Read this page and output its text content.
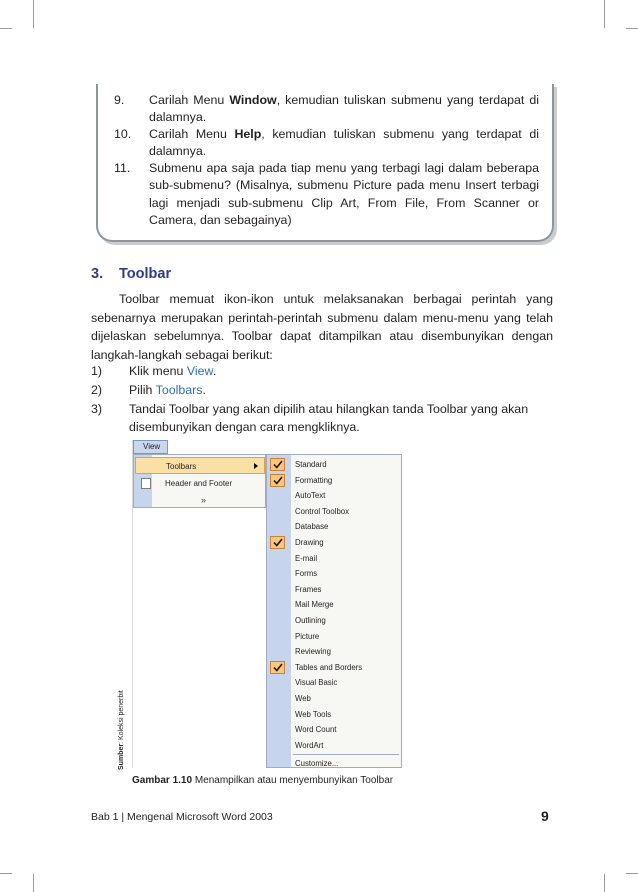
9. Carilah Menu Window, kemudian tuliskan submenu yang terdapat di dalamnya.
10. Carilah Menu Help, kemudian tuliskan submenu yang terdapat di dalamnya.
11. Submenu apa saja pada tiap menu yang terbagi lagi dalam beberapa sub-submenu? (Misalnya, submenu Picture pada menu Insert terbagi lagi menjadi sub-submenu Clip Art, From File, From Scanner or Camera, dan sebagainya)
3. Toolbar

Toolbar memuat ikon-ikon untuk melaksanakan berbagai perintah yang sebenarnya merupakan perintah-perintah submenu dalam menu-menu yang telah dijelaskan sebelumnya. Toolbar dapat ditampilkan atau disembunyikan dengan langkah-langkah sebagai berikut:

1) Klik menu View.
2) Pilih Toolbars.
3) Tandai Toolbar yang akan dipilih atau hilangkan tanda Toolbar yang akan disembunyikan dengan cara mengkliknya.
View
Toolbars
Header and Footer
»
Standard
Formatting
AutoText
Control Toolbox
Database
Drawing
E-mail
Forms
Frames
Mail Merge
Outlining
Picture
Reviewing
Tables and Borders
Visual Basic
Web
Web Tools
Word Count
WordArt
Customize...
Sumber: Koleksi penerbit
Gambar 1.10 Menampilkan atau menyembunyikan Toolbar
Bab 1 | Mengenal Microsoft Word 2003	9
